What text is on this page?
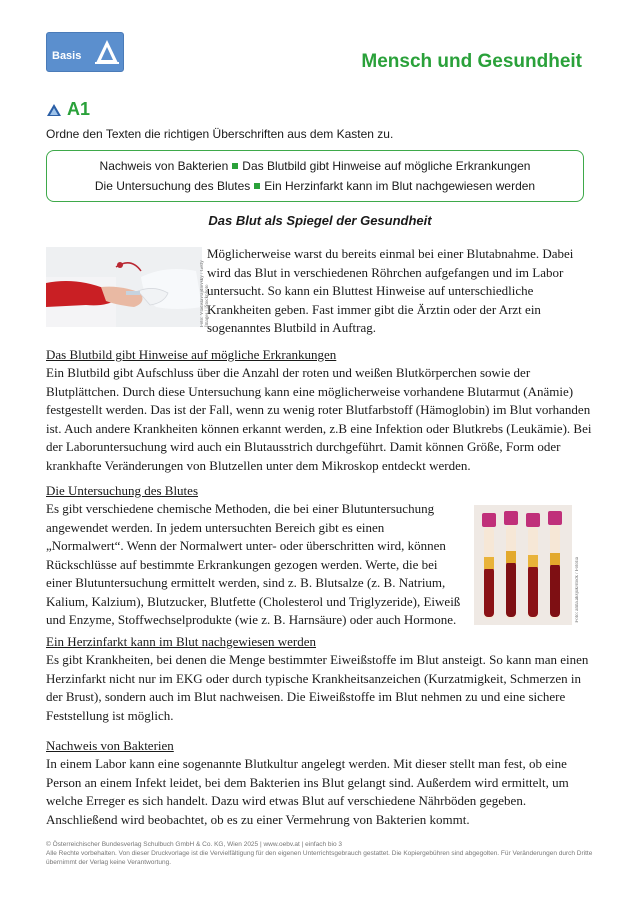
Basis	Mensch und Gesundheit
A1
Ordne den Texten die richtigen Überschriften aus dem Kasten zu.
Nachweis von Bakterien Das Blutbild gibt Hinweise auf mögliche Erkrankungen
Die Untersuchung des Blutes Ein Herzinfarkt kann im Blut nachgewiesen werden
Das Blut als Spiegel der Gesundheit
Foto: Vladislav/ajdlovsky / Getty Images / iStockphoto
Möglicherweise warst du bereits einmal bei einer Blutabnahme. Dabei wird das Blut in verschiedenen Röhrchen aufgefangen und im Labor untersucht. So kann ein Bluttest Hinweise auf unterschiedliche Krankheiten geben. Fast immer gibt die Ärztin oder der Arzt ein sogenanntes Blutbild in Auftrag.
Das Blutbild gibt Hinweise auf mögliche Erkrankungen
Ein Blutbild gibt Aufschluss über die Anzahl der roten und weißen Blutkörperchen sowie der Blutplättchen. Durch diese Untersuchung kann eine möglicherweise vorhandene Blutarmut (Anämie) festgestellt werden. Das ist der Fall, wenn zu wenig roter Blutfarbstoff (Hämoglobin) im Blut vorhanden ist. Auch andere Krankheiten können erkannt werden, z.B eine Infektion oder Blutkrebs (Leukämie). Bei der Laboruntersuchung wird auch ein Blutausstrich durchgeführt. Damit können Größe, Form oder krankhafte Veränderungen von Blutzellen unter dem Mikroskop entdeckt werden.
Die Untersuchung des Blutes
Es gibt verschiedene chemische Methoden, die bei einer Blutuntersuchung angewendet werden. In jedem untersuchten Bereich gibt es einen „Normalwert“. Wenn der Normalwert unter- oder überschritten wird, können Rückschlüsse auf bestimmte Erkrankungen gezogen werden. Werte, die bei einer Blutuntersuchung ermittelt werden, sind z. B. Blutsalze (z. B. Natrium, Kalium, Kalzium), Blutzucker, Blutfette (Cholesterol und Triglyzeride), Eiweiß und Enzyme, Stoffwechselprodukte (wie z. B. Harnsäure) oder auch Hormone.	Foto: anna.aksjuk/stock / Fotolia
Ein Herzinfarkt kann im Blut nachgewiesen werden
Es gibt Krankheiten, bei denen die Menge bestimmter Eiweißstoffe im Blut ansteigt. So kann man einen Herzinfarkt nicht nur im EKG oder durch typische Krankheitsanzeichen (Kurzatmigkeit, Schmerzen in der Brust), sondern auch im Blut nachweisen. Die Eiweißstoffe im Blut nehmen zu und eine sichere Feststellung ist möglich.
Nachweis von Bakterien
In einem Labor kann eine sogenannte Blutkultur angelegt werden. Mit dieser stellt man fest, ob eine Person an einem Infekt leidet, bei dem Bakterien ins Blut gelangt sind. Außerdem wird ermittelt, um welche Erreger es sich handelt. Dazu wird etwas Blut auf verschiedene Nährböden gegeben. Anschließend wird beobachtet, ob es zu einer Vermehrung von Bakterien kommt.
© Österreichischer Bundesverlag Schulbuch GmbH & Co. KG, Wien 2025 | www.oebv.at | einfach bio 3
Alle Rechte vorbehalten. Von dieser Druckvorlage ist die Vervielfältigung für den eigenen Unterrichtsgebrauch gestattet. Die Kopiergebühren sind abgegolten. Für Veränderungen durch Dritte übernimmt der Verlag keine Verantwortung.
